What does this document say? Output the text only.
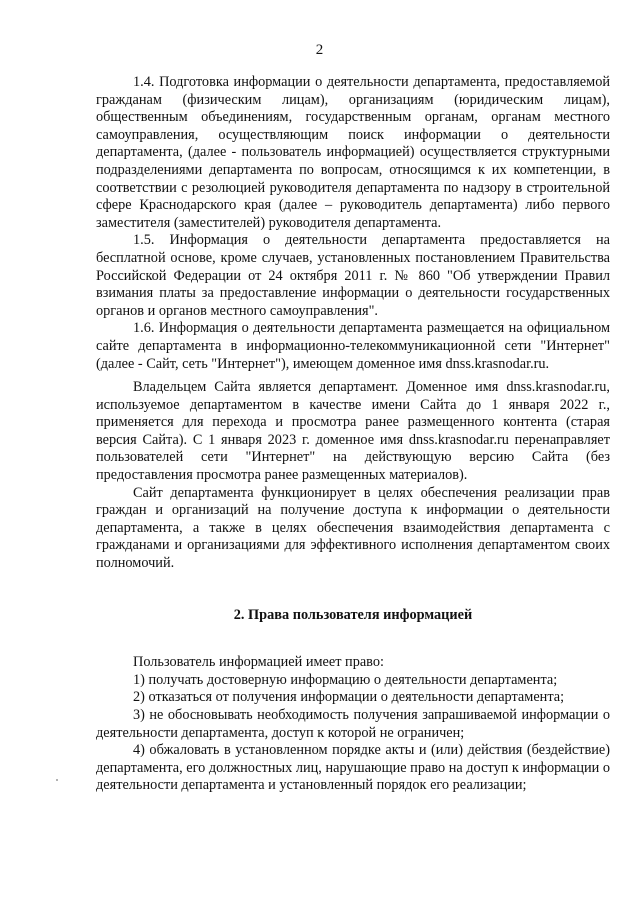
2

1.4. Подготовка информации о деятельности департамента, предоставляемой гражданам (физическим лицам), организациям (юридическим лицам), общественным объединениям, государственным органам, органам местного самоуправления, осуществляющим поиск информации о деятельности департамента, (далее - пользователь информацией) осуществляется структурными подразделениями департамента по вопросам, относящимся к их компетенции, в соответствии с резолюцией руководителя департамента по надзору в строительной сфере Краснодарского края (далее – руководитель департамента) либо первого заместителя (заместителей) руководителя департамента.

1.5. Информация о деятельности департамента предоставляется на бесплатной основе, кроме случаев, установленных постановлением Правительства Российской Федерации от 24 октября 2011 г. № 860 "Об утверждении Правил взимания платы за предоставление информации о деятельности государственных органов и органов местного самоуправления".

1.6. Информация о деятельности департамента размещается на официальном сайте департамента в информационно-телекоммуникационной сети "Интернет" (далее - Сайт, сеть "Интернет"), имеющем доменное имя dnss.krasnodar.ru.

Владельцем Сайта является департамент. Доменное имя dnss.krasnodar.ru, используемое департаментом в качестве имени Сайта до 1 января 2022 г., применяется для перехода и просмотра ранее размещенного контента (старая версия Сайта). С 1 января 2023 г. доменное имя dnss.krasnodar.ru перенаправляет пользователей сети "Интернет" на действующую версию Сайта (без предоставления просмотра ранее размещенных материалов).

Сайт департамента функционирует в целях обеспечения реализации прав граждан и организаций на получение доступа к информации о деятельности департамента, а также в целях обеспечения взаимодействия департамента с гражданами и организациями для эффективного исполнения департаментом своих полномочий.

2. Права пользователя информацией

Пользователь информацией имеет право:

1) получать достоверную информацию о деятельности департамента;

2) отказаться от получения информации о деятельности департамента;

3) не обосновывать необходимость получения запрашиваемой информации о деятельности департамента, доступ к которой не ограничен;

4) обжаловать в установленном порядке акты и (или) действия (бездействие) департамента, его должностных лиц, нарушающие право на доступ к информации о деятельности департамента и установленный порядок его реализации;
